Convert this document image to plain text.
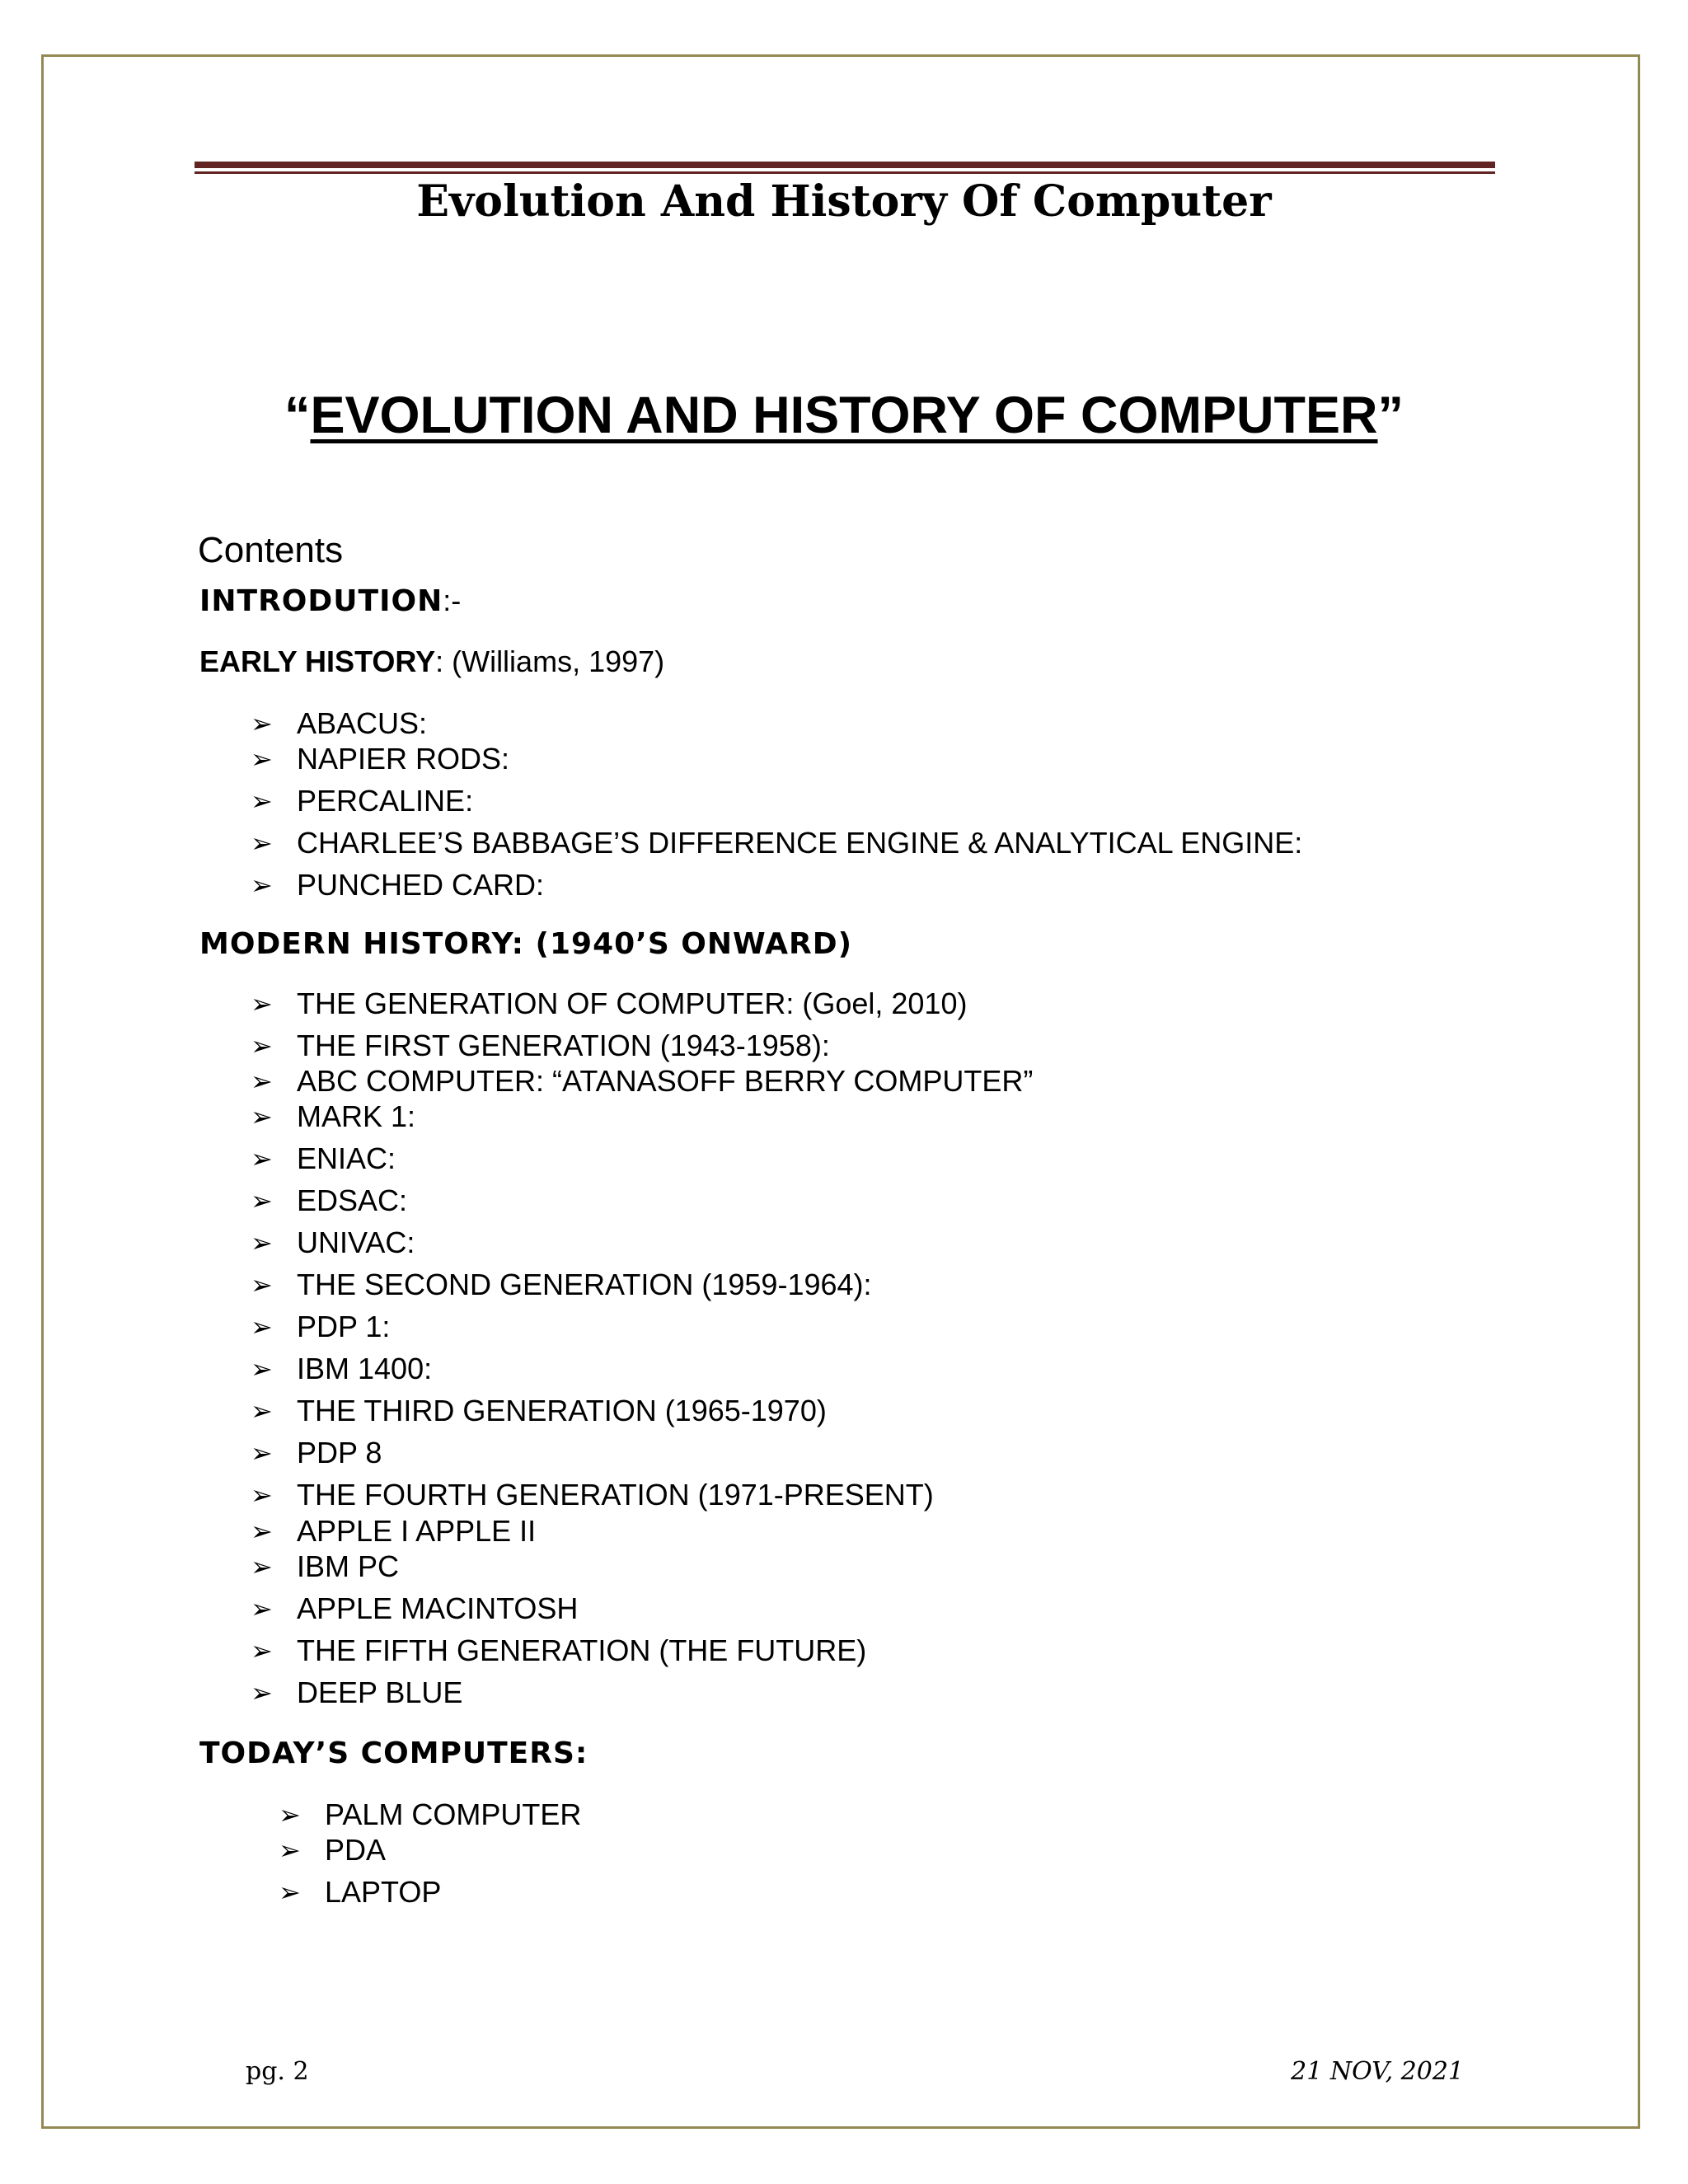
Evolution And History Of Computer
“EVOLUTION AND HISTORY OF COMPUTER”
Contents
INTRODUTION:-
EARLY HISTORY: (Williams, 1997)
➢ ABACUS:
➢ NAPIER RODS:
➢ PERCALINE:
➢ CHARLEE’S BABBAGE’S DIFFERENCE ENGINE & ANALYTICAL ENGINE:
➢ PUNCHED CARD:
MODERN HISTORY: (1940’S ONWARD)
➢ THE GENERATION OF COMPUTER: (Goel, 2010)
➢ THE FIRST GENERATION (1943-1958):
➢ ABC COMPUTER: “ATANASOFF BERRY COMPUTER”
➢ MARK 1:
➢ ENIAC:
➢ EDSAC:
➢ UNIVAC:
➢ THE SECOND GENERATION (1959-1964):
➢ PDP 1:
➢ IBM 1400:
➢ THE THIRD GENERATION (1965-1970)
➢ PDP 8
➢ THE FOURTH GENERATION (1971-PRESENT)
➢ APPLE I APPLE II
➢ IBM PC
➢ APPLE MACINTOSH
➢ THE FIFTH GENERATION (THE FUTURE)
➢ DEEP BLUE
TODAY’S COMPUTERS:
➢ PALM COMPUTER
➢ PDA
➢ LAPTOP
pg. 2	21 NOV, 2021
